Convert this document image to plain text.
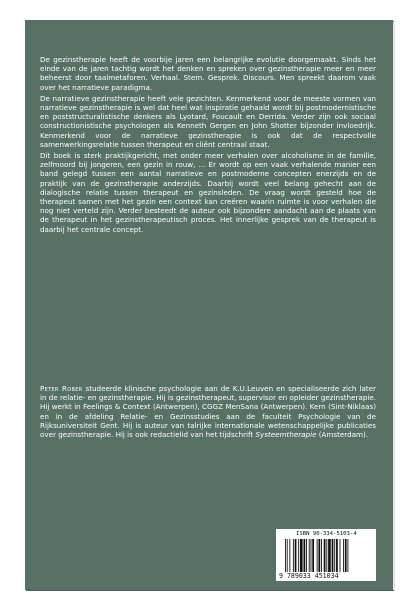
De gezinstherapie heeft de voorbije jaren een belangrijke evolutie doorgemaakt. Sinds het einde van de jaren tachtig wordt het denken en spreken over gezinstherapie meer en meer beheerst door taalmetaforen. Verhaal. Stem. Gesprek. Discours. Men spreekt daarom vaak over het narratieve paradigma.

De narratieve gezinstherapie heeft vele gezichten. Kenmerkend voor de meeste vormen van narratieve gezinstherapie is wel dat heel wat inspiratie gehaald wordt bij postmodernistische en poststructuralistische denkers als Lyotard, Foucault en Derrida. Verder zijn ook sociaal constructionistische psychologen als Kenneth Gergen en John Shotter bijzonder invloedrijk. Kenmerkend voor de narratieve gezinstherapie is ook dat de respectvolle samenwerkingsrelatie tussen therapeut en cliënt centraal staat.

Dit boek is sterk praktijkgericht, met onder meer verhalen over alcoholisme in de familie, zelfmoord bij jongeren, een gezin in rouw, ... Er wordt op een vaak verhalende manier een band gelegd tussen een aantal narratieve en postmoderne concepten enerzijds en de praktijk van de gezinstherapie anderzijds. Daarbij wordt veel belang gehecht aan de dialogische relatie tussen therapeut en gezinsleden. De vraag wordt gesteld hoe de therapeut samen met het gezin een context kan creëren waarin ruimte is voor verhalen die nog niet verteld zijn. Verder besteedt de auteur ook bijzondere aandacht aan de plaats van de therapeut in het gezinstherapeutisch proces. Het innerlijke gesprek van de therapeut is daarbij het centrale concept.

Peter Rober studeerde klinische psychologie aan de K.U.Leuven en specialiseerde zich later in de relatie- en gezinstherapie. Hij is gezinstherapeut, supervisor en opleider gezinstherapie. Hij werkt in Feelings & Context (Antwerpen), CGGZ MenSana (Antwerpen). Kern (Sint-Niklaas) en in de afdeling Relatie- en Gezinsstudies aan de faculteit Psychologie van de Rijksuniversiteit Gent. Hij is auteur van talrijke internationale wetenschappelijke publicaties over gezinstherapie. Hij is ook redactielid van het tijdschrift Systeemtherapie (Amsterdam).
ISBN 90-334-5103-4
9 789033 451034
